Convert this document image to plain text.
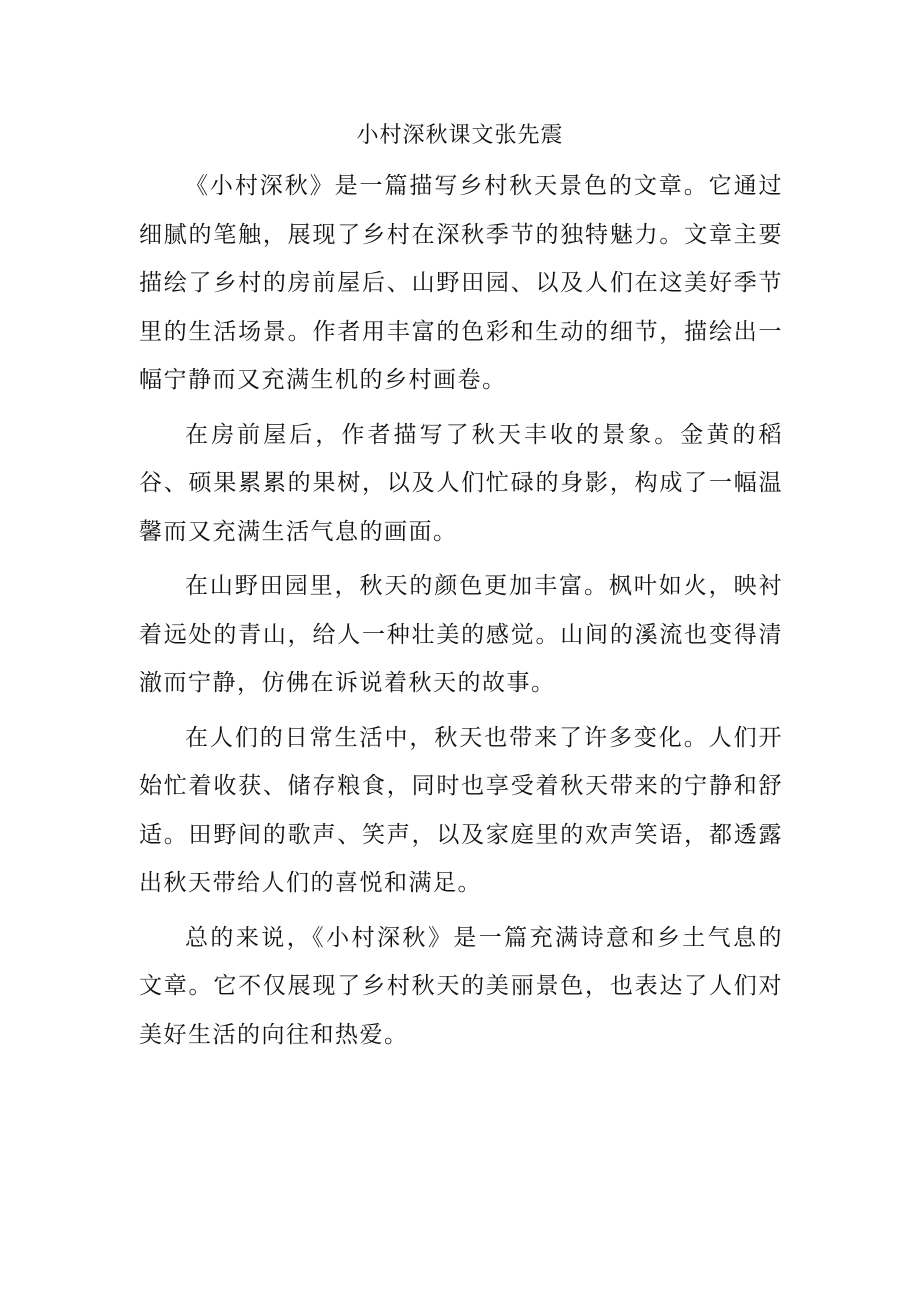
小村深秋课文张先震

《小村深秋》是一篇描写乡村秋天景色的文章。它通过细腻的笔触，展现了乡村在深秋季节的独特魅力。文章主要描绘了乡村的房前屋后、山野田园、以及人们在这美好季节里的生活场景。作者用丰富的色彩和生动的细节，描绘出一幅宁静而又充满生机的乡村画卷。

在房前屋后，作者描写了秋天丰收的景象。金黄的稻谷、硕果累累的果树，以及人们忙碌的身影，构成了一幅温馨而又充满生活气息的画面。

在山野田园里，秋天的颜色更加丰富。枫叶如火，映衬着远处的青山，给人一种壮美的感觉。山间的溪流也变得清澈而宁静，仿佛在诉说着秋天的故事。

在人们的日常生活中，秋天也带来了许多变化。人们开始忙着收获、储存粮食，同时也享受着秋天带来的宁静和舒适。田野间的歌声、笑声，以及家庭里的欢声笑语，都透露出秋天带给人们的喜悦和满足。

总的来说，《小村深秋》是一篇充满诗意和乡土气息的文章。它不仅展现了乡村秋天的美丽景色，也表达了人们对美好生活的向往和热爱。
